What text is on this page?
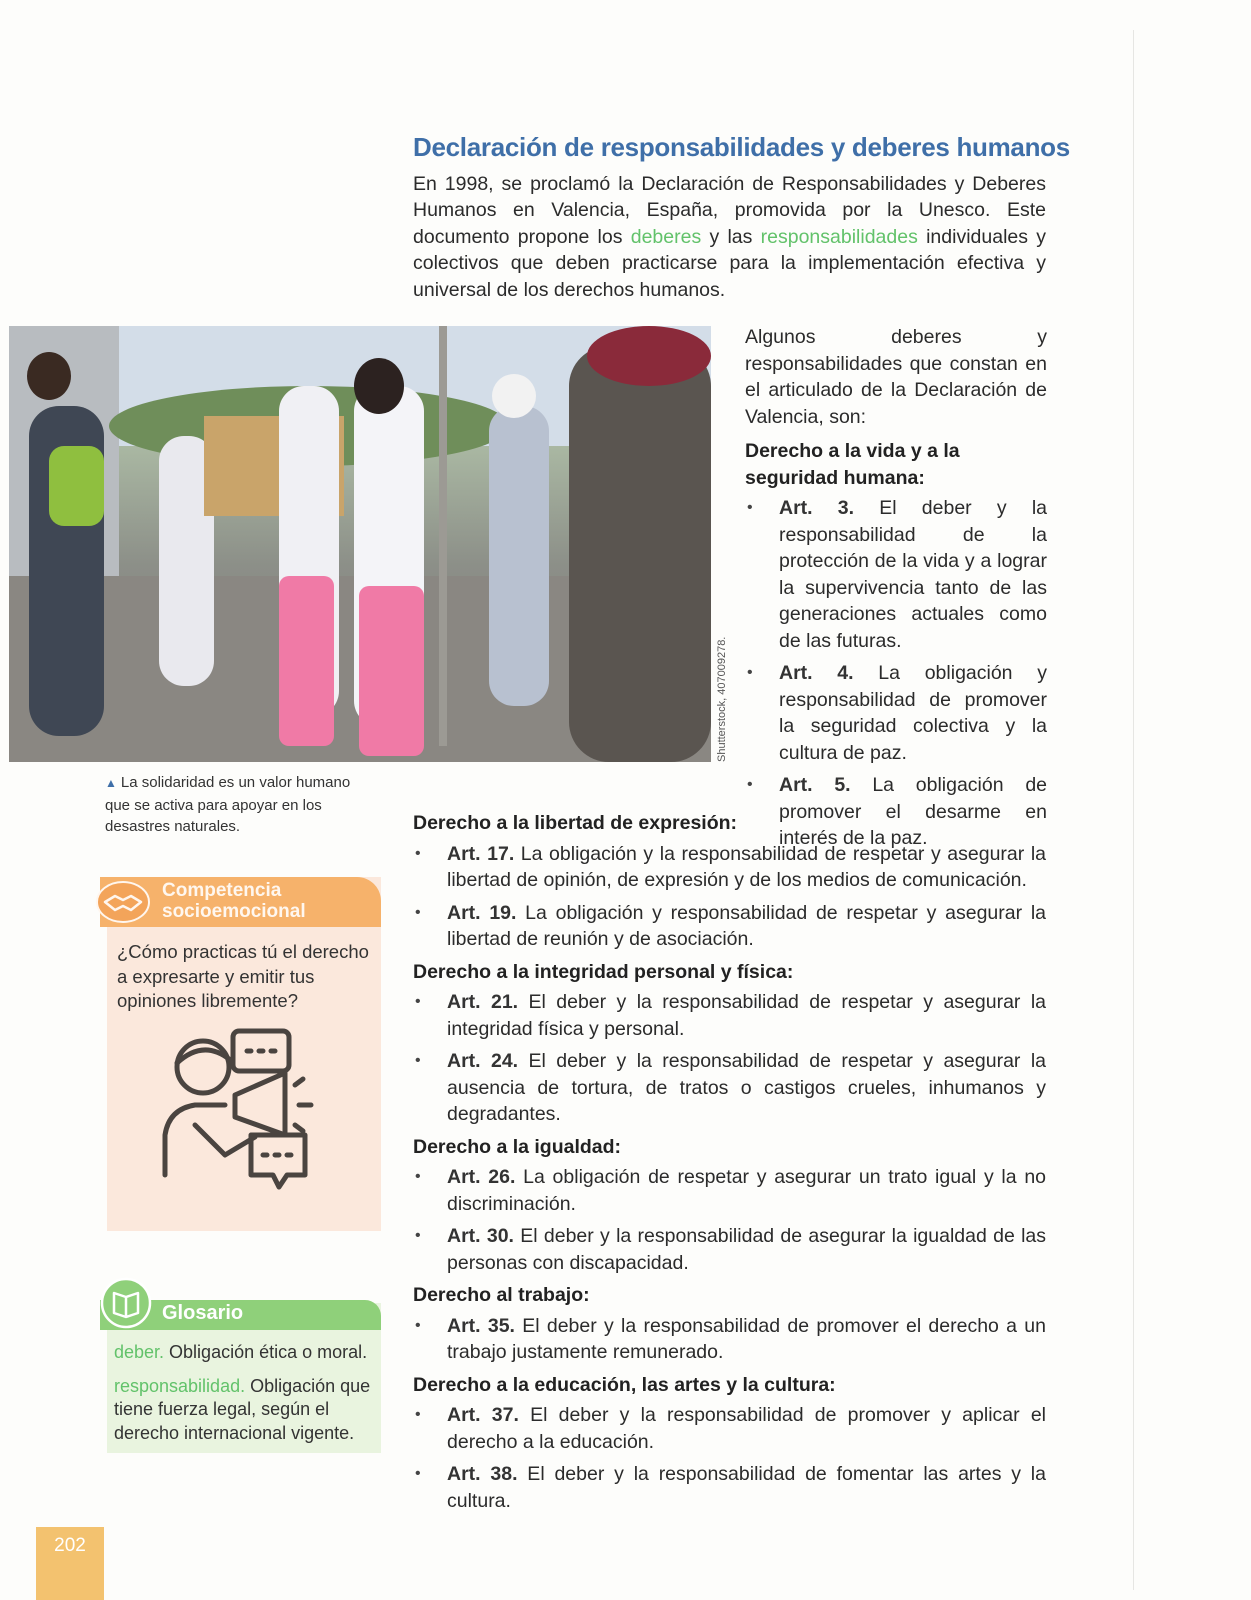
Declaración de responsabilidades y deberes humanos

En 1998, se proclamó la Declaración de Responsabilidades y Deberes Humanos en Valencia, España, promovida por la Unesco. Este documento propone los deberes y las responsabilidades individuales y colectivos que deben practicarse para la implementación efectiva y universal de los derechos humanos.

Shutterstock, 407009278.
▲ La solidaridad es un valor humano que se activa para apoyar en los desastres naturales.

Algunos deberes y responsabilidades que constan en el articulado de la Declaración de Valencia, son:

Derecho a la vida y a la seguridad humana:
• Art. 3. El deber y la responsabilidad de la protección de la vida y a lograr la supervivencia tanto de las generaciones actuales como de las futuras.
• Art. 4. La obligación y responsabilidad de promover la seguridad colectiva y la cultura de paz.
• Art. 5. La obligación de promover el desarme en interés de la paz.
Derecho a la libertad de expresión:
• Art. 17. La obligación y la responsabilidad de respetar y asegurar la libertad de opinión, de expresión y de los medios de comunicación.
• Art. 19. La obligación y responsabilidad de respetar y asegurar la libertad de reunión y de asociación.
Derecho a la integridad personal y física:
• Art. 21. El deber y la responsabilidad de respetar y asegurar la integridad física y personal.
• Art. 24. El deber y la responsabilidad de respetar y asegurar la ausencia de tortura, de tratos o castigos crueles, inhumanos y degradantes.
Derecho a la igualdad:
• Art. 26. La obligación de respetar y asegurar un trato igual y la no discriminación.
• Art. 30. El deber y la responsabilidad de asegurar la igualdad de las personas con discapacidad.
Derecho al trabajo:
• Art. 35. El deber y la responsabilidad de promover el derecho a un trabajo justamente remunerado.
Derecho a la educación, las artes y la cultura:
• Art. 37. El deber y la responsabilidad de promover y aplicar el derecho a la educación.
• Art. 38. El deber y la responsabilidad de fomentar las artes y la cultura.
Competencia
socioemocional
¿Cómo practicas tú el derecho a expresarte y emitir tus opiniones libremente?
Glosario

deber. Obligación ética o moral.

responsabilidad. Obligación que tiene fuerza legal, según el derecho internacional vigente.

202
